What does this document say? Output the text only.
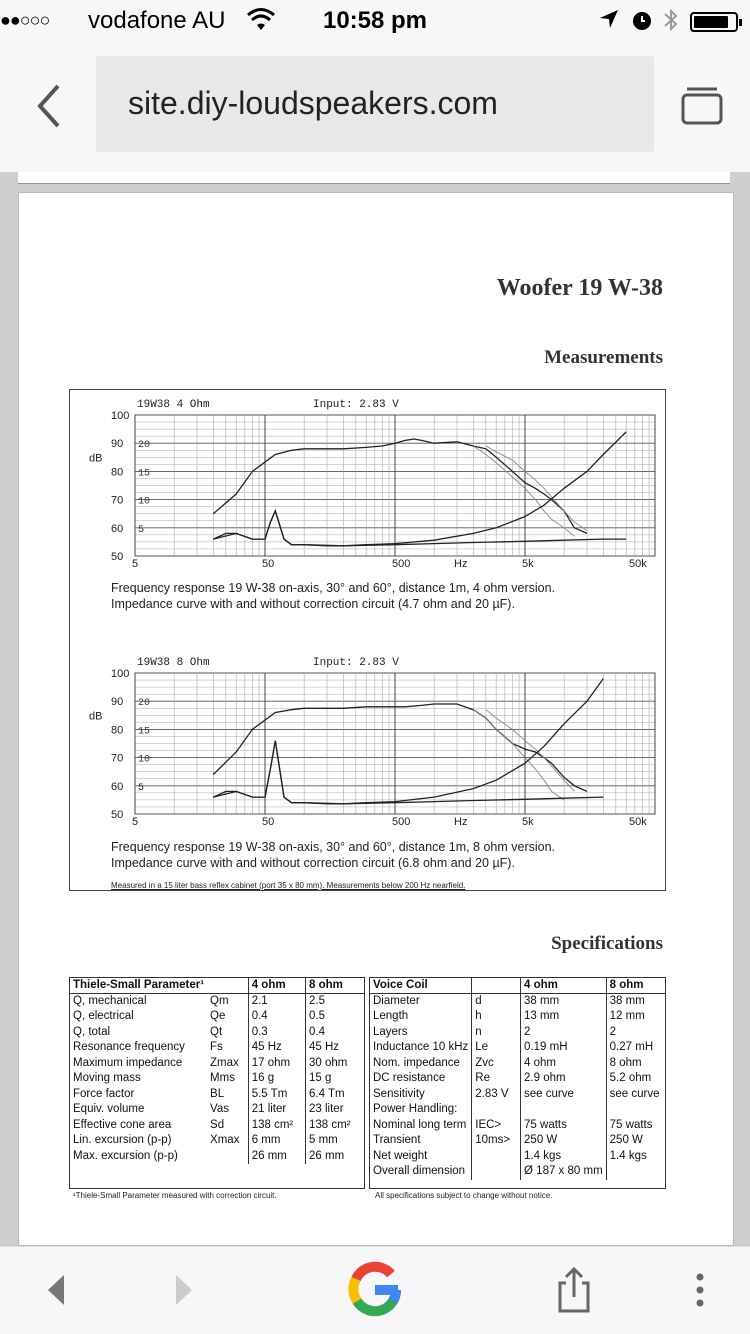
●●○○○ vodafone AU	10:58 pm
site.diy-loudspeakers.com
Woofer 19 W-38
Measurements
100
90
80
70
60
50
20
15
10
5
dB
5	50	500	Hz	5k	50k
19W38 4 Ohm	Input: 2.83 V
Frequency response 19 W-38 on-axis, 30° and 60°, distance 1m, 4 ohm version.
Impedance curve with and without correction circuit (4.7 ohm and 20 µF).
100
90
80
70
60
50
20
15
10
5
dB
5	50	500	Hz	5k	50k
19W38 8 Ohm	Input: 2.83 V
Frequency response 19 W-38 on-axis, 30° and 60°, distance 1m, 8 ohm version.
Impedance curve with and without correction circuit (6.8 ohm and 20 µF).
Measured in a 15 liter bass reflex cabinet (port 35 x 80 mm). Measurements below 200 Hz nearfield.
Specifications
Thiele-Small Parameter¹		4 ohm	8 ohm
Q, mechanical	Qm	2.1	2.5
Q, electrical	Qe	0.4	0.5
Q, total	Qt	0.3	0.4
Resonance frequency	Fs	45 Hz	45 Hz
Maximum impedance	Zmax	17 ohm	30 ohm
Moving mass	Mms	16 g	15 g
Force factor	BL	5.5 Tm	6.4 Tm
Equiv. volume	Vas	21 liter	23 liter
Effective cone area	Sd	138 cm²	138 cm²
Lin. excursion (p-p)	Xmax	6 mm	5 mm
Max. excursion (p-p)		26 mm	26 mm
Voice Coil		4 ohm	8 ohm
Diameter	d	38 mm	38 mm
Length	h	13 mm	12 mm
Layers	n	2	2
Inductance 10 kHz	Le	0.19 mH	0.27 mH
Nom. impedance	Zvc	4 ohm	8 ohm
DC resistance	Re	2.9 ohm	5.2 ohm
Sensitivity	2.83 V	see curve	see curve
Power Handling:			
Nominal long term	IEC>	75 watts	75 watts
Transient	10ms>	250 W	250 W
Net weight		1.4 kgs	1.4 kgs
Overall dimension		Ø 187 x 80 mm	
¹Thiele-Small Parameter measured with correction circuit.	All specifications subject to change without notice.
